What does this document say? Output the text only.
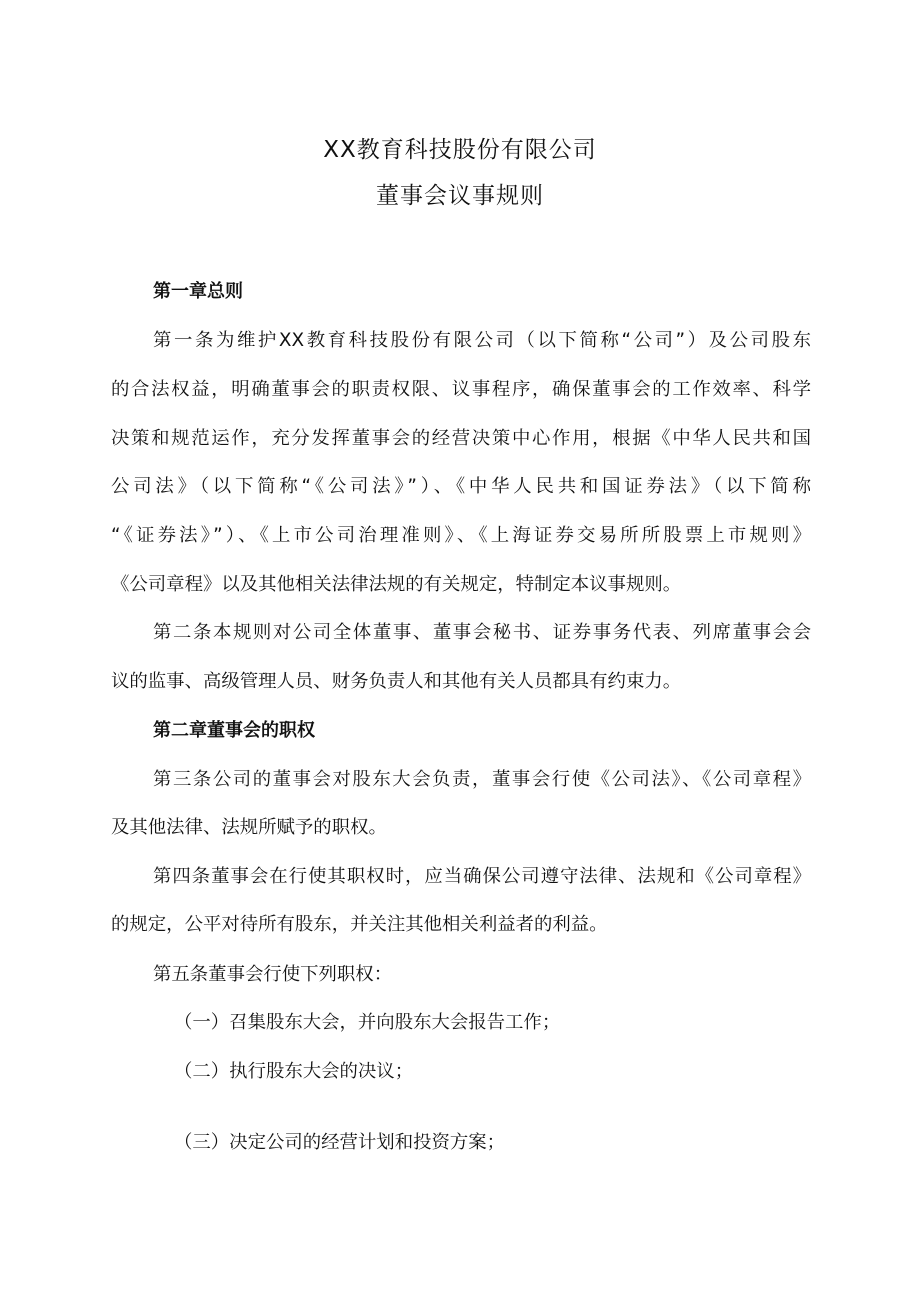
XX教育科技股份有限公司
董事会议事规则
第一章总则
第一条为维护XX教育科技股份有限公司（以下简称“公司”）及公司股东
的合法权益，明确董事会的职责权限、议事程序，确保董事会的工作效率、科学
决策和规范运作，充分发挥董事会的经营决策中心作用，根据《中华人民共和国
公司法》（以下简称“《公司法》”）、《中华人民共和国证券法》（以下简称
“《证券法》”）、《上市公司治理准则》、《上海证券交易所所股票上市规则》
《公司章程》以及其他相关法律法规的有关规定，特制定本议事规则。
第二条本规则对公司全体董事、董事会秘书、证券事务代表、列席董事会会
议的监事、高级管理人员、财务负责人和其他有关人员都具有约束力。
第二章董事会的职权
第三条公司的董事会对股东大会负责，董事会行使《公司法》、《公司章程》
及其他法律、法规所赋予的职权。
第四条董事会在行使其职权时，应当确保公司遵守法律、法规和《公司章程》
的规定，公平对待所有股东，并关注其他相关利益者的利益。
第五条董事会行使下列职权：
（一）召集股东大会，并向股东大会报告工作；
（二）执行股东大会的决议；
（三）决定公司的经营计划和投资方案；
